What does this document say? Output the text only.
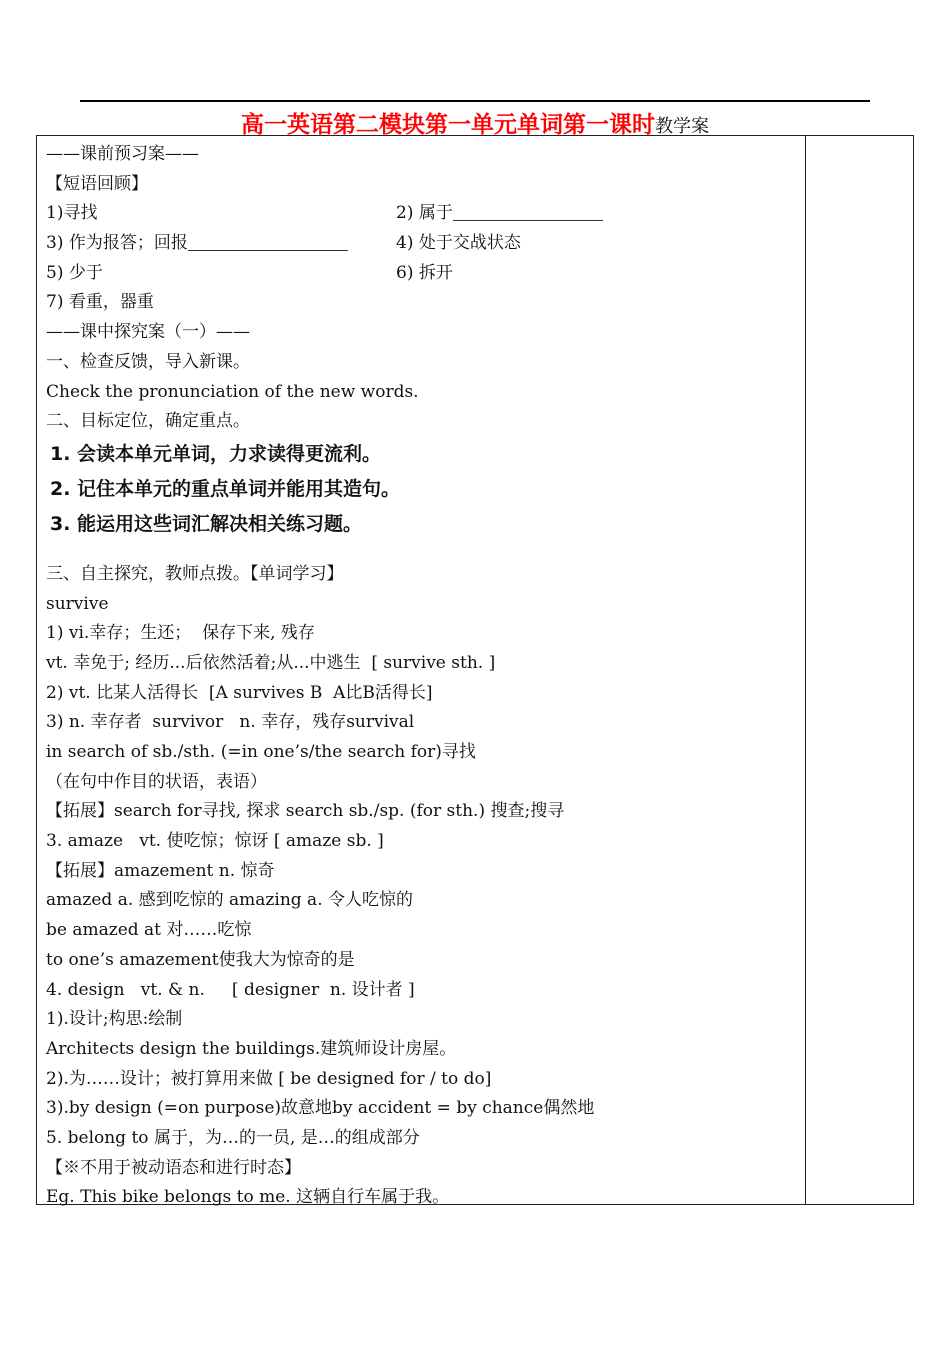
高一英语第二模块第一单元单词第一课时教学案
——课前预习案——
【短语回顾】
1)寻找	2) 属于
3) 作为报答；回报	4) 处于交战状态
5) 少于	6) 拆开
7) 看重，器重
——课中探究案（一）——
一、检查反馈，导入新课。
Check the pronunciation of the new words.
二、目标定位，确定重点。
1. 会读本单元单词，力求读得更流利。
2. 记住本单元的重点单词并能用其造句。
3. 能运用这些词汇解决相关练习题。
三、自主探究，教师点拨。【单词学习】
survive
1) vi.幸存；生还；  保存下来, 残存
vt. 幸免于; 经历...后依然活着;从...中逃生  [ survive sth. ]
2) vt. 比某人活得长  [A survives B  A比B活得长]
3) n. 幸存者  survivor   n. 幸存，残存survival
in search of sb./sth. (=in one’s/the search for)寻找
（在句中作目的状语，表语）
【拓展】search for寻找, 探求 search sb./sp. (for sth.) 搜查;搜寻
3. amaze   vt. 使吃惊；惊讶 [ amaze sb. ]
【拓展】amazement n. 惊奇
amazed a. 感到吃惊的 amazing a. 令人吃惊的
be amazed at 对……吃惊
to one’s amazement使我大为惊奇的是
4. design   vt. & n.     [ designer  n. 设计者 ]
1).设计;构思:绘制
Architects design the buildings.建筑师设计房屋。
2).为……设计；被打算用来做 [ be designed for / to do]
3).by design (=on purpose)故意地by accident = by chance偶然地
5. belong to 属于，为…的一员, 是…的组成部分
【※不用于被动语态和进行时态】
Eg. This bike belongs to me. 这辆自行车属于我。
